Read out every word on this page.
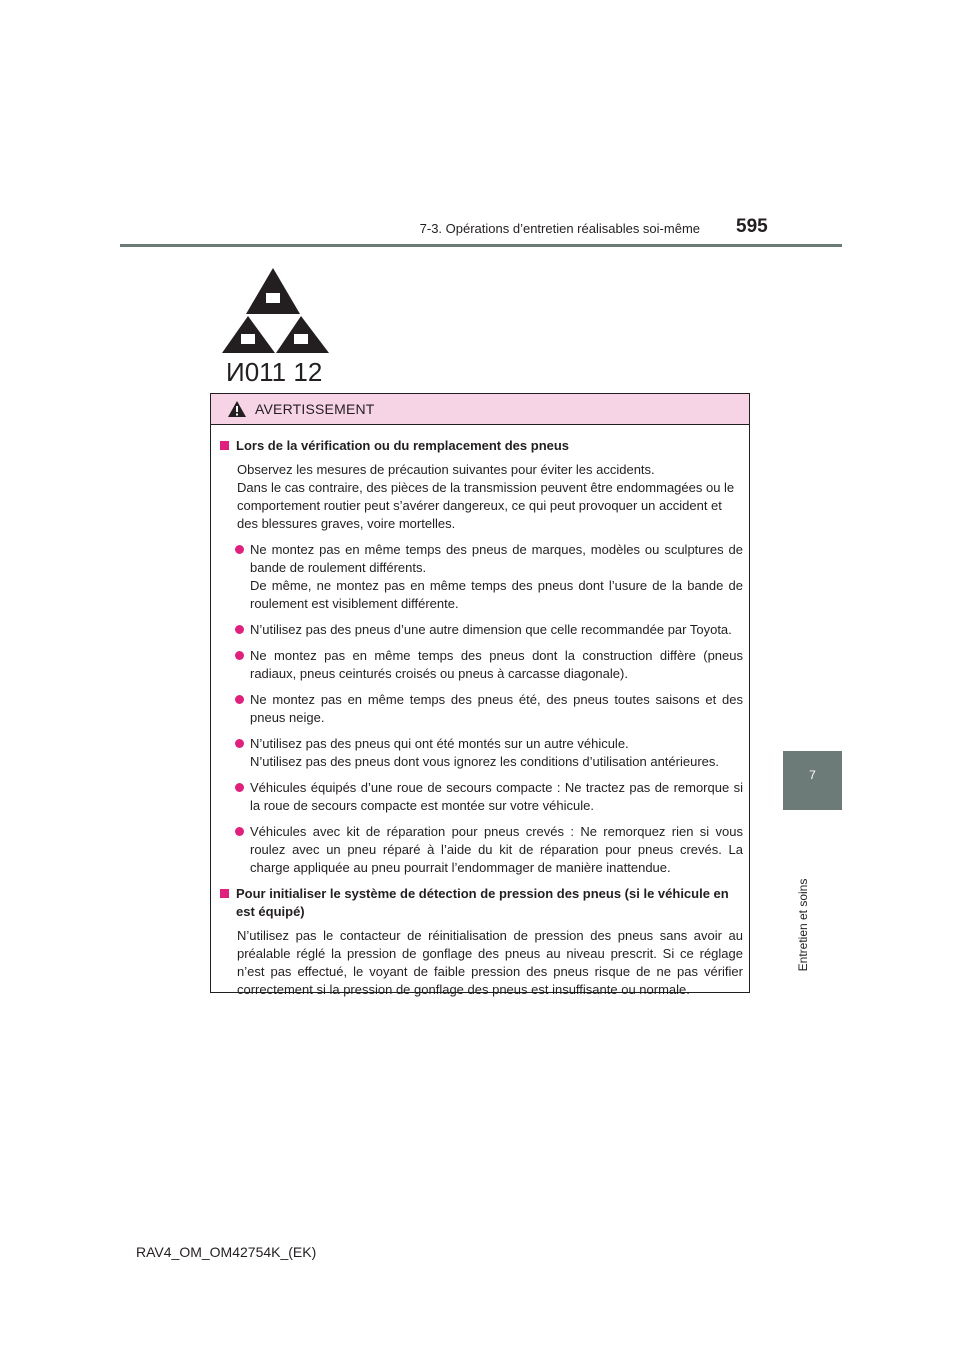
7-3. Opérations d’entretien réalisables soi-même 595
7
Entretien et soins
И011 12
AVERTISSEMENT
Lors de la vérification ou du remplacement des pneus
Observez les mesures de précaution suivantes pour éviter les accidents.
Dans le cas contraire, des pièces de la transmission peuvent être endommagées ou le comportement routier peut s’avérer dangereux, ce qui peut provoquer un accident et des blessures graves, voire mortelles.
Ne montez pas en même temps des pneus de marques, modèles ou sculptures de bande de roulement différents.
De même, ne montez pas en même temps des pneus dont l’usure de la bande de roulement est visiblement différente.
N’utilisez pas des pneus d’une autre dimension que celle recommandée par Toyota.
Ne montez pas en même temps des pneus dont la construction diffère (pneus radiaux, pneus ceinturés croisés ou pneus à carcasse diagonale).
Ne montez pas en même temps des pneus été, des pneus toutes saisons et des pneus neige.
N’utilisez pas des pneus qui ont été montés sur un autre véhicule.
N’utilisez pas des pneus dont vous ignorez les conditions d’utilisation antérieures.
Véhicules équipés d’une roue de secours compacte : Ne tractez pas de remorque si la roue de secours compacte est montée sur votre véhicule.
Véhicules avec kit de réparation pour pneus crevés : Ne remorquez rien si vous roulez avec un pneu réparé à l’aide du kit de réparation pour pneus crevés. La charge appliquée au pneu pourrait l’endommager de manière inattendue.
Pour initialiser le système de détection de pression des pneus (si le véhicule en est équipé)
N’utilisez pas le contacteur de réinitialisation de pression des pneus sans avoir au préalable réglé la pression de gonflage des pneus au niveau prescrit. Si ce réglage n’est pas effectué, le voyant de faible pression des pneus risque de ne pas vérifier correctement si la pression de gonflage des pneus est insuffisante ou normale.
RAV4_OM_OM42754K_(EK)
